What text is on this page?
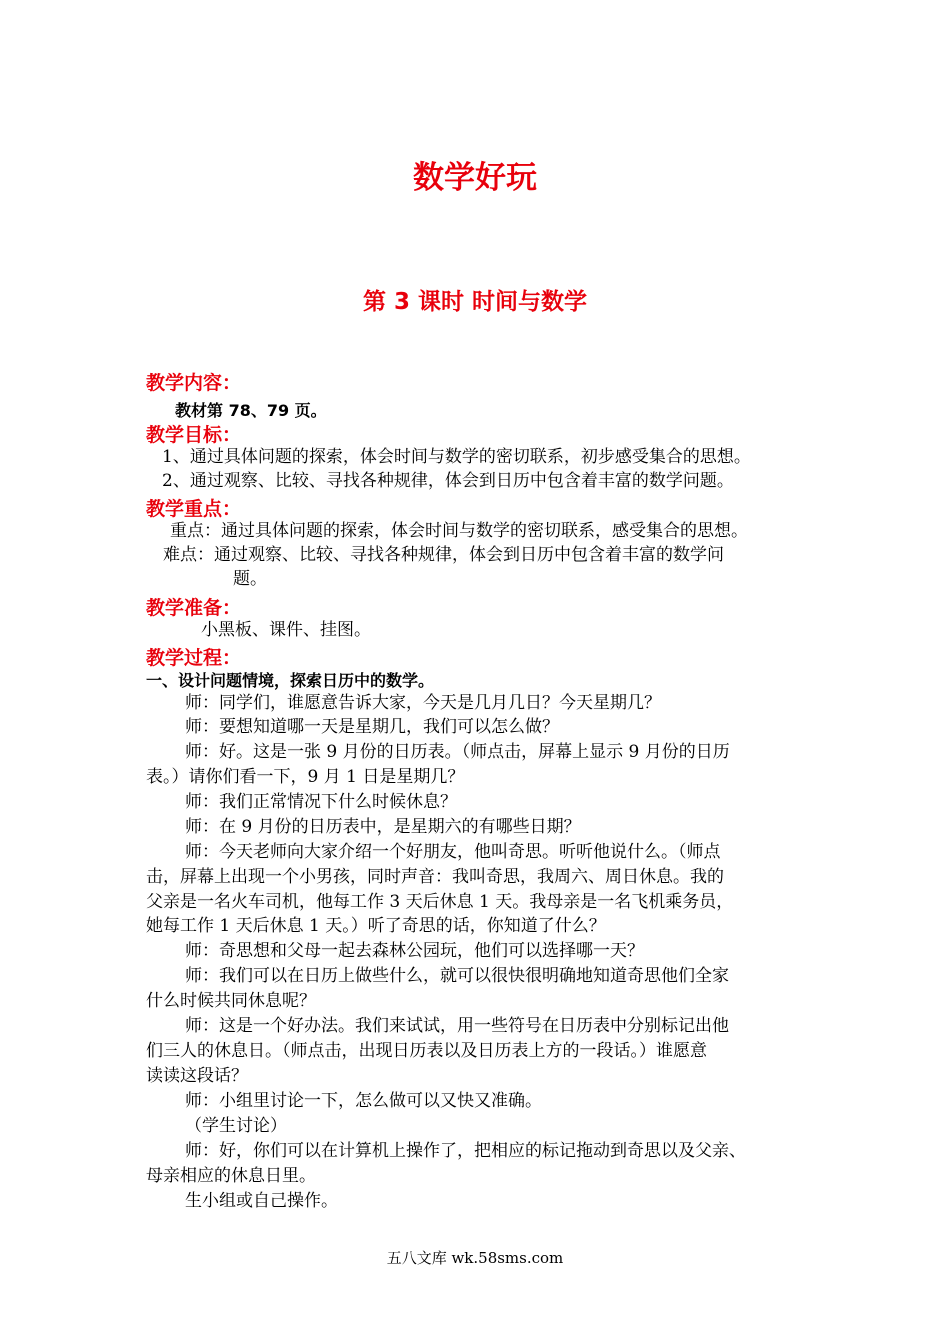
数学好玩
第 3 课时 时间与数学
教学内容：
教材第 78、79 页。
教学目标：
1、通过具体问题的探索，体会时间与数学的密切联系，初步感受集合的思想。
2、通过观察、比较、寻找各种规律，体会到日历中包含着丰富的数学问题。
教学重点：
重点：通过具体问题的探索，体会时间与数学的密切联系，感受集合的思想。
难点：通过观察、比较、寻找各种规律，体会到日历中包含着丰富的数学问
题。
教学准备：
小黑板、课件、挂图。
教学过程：
一、设计问题情境，探索日历中的数学。
师：同学们，谁愿意告诉大家，今天是几月几日？今天星期几？
师：要想知道哪一天是星期几，我们可以怎么做？
师：好。这是一张 9 月份的日历表。（师点击，屏幕上显示 9 月份的日历
表。）请你们看一下，9 月 1 日是星期几？
师：我们正常情况下什么时候休息？
师：在 9 月份的日历表中，是星期六的有哪些日期？
师：今天老师向大家介绍一个好朋友，他叫奇思。听听他说什么。（师点
击，屏幕上出现一个小男孩，同时声音：我叫奇思，我周六、周日休息。我的
父亲是一名火车司机，他每工作 3 天后休息 1 天。我母亲是一名飞机乘务员，
她每工作 1 天后休息 1 天。）听了奇思的话，你知道了什么？
师：奇思想和父母一起去森林公园玩，他们可以选择哪一天？
师：我们可以在日历上做些什么，就可以很快很明确地知道奇思他们全家
什么时候共同休息呢？
师：这是一个好办法。我们来试试，用一些符号在日历表中分别标记出他
们三人的休息日。（师点击，出现日历表以及日历表上方的一段话。）谁愿意
读读这段话？
师：小组里讨论一下，怎么做可以又快又准确。
（学生讨论）
师：好，你们可以在计算机上操作了，把相应的标记拖动到奇思以及父亲、
母亲相应的休息日里。
生小组或自己操作。
五八文库 wk.58sms.com
